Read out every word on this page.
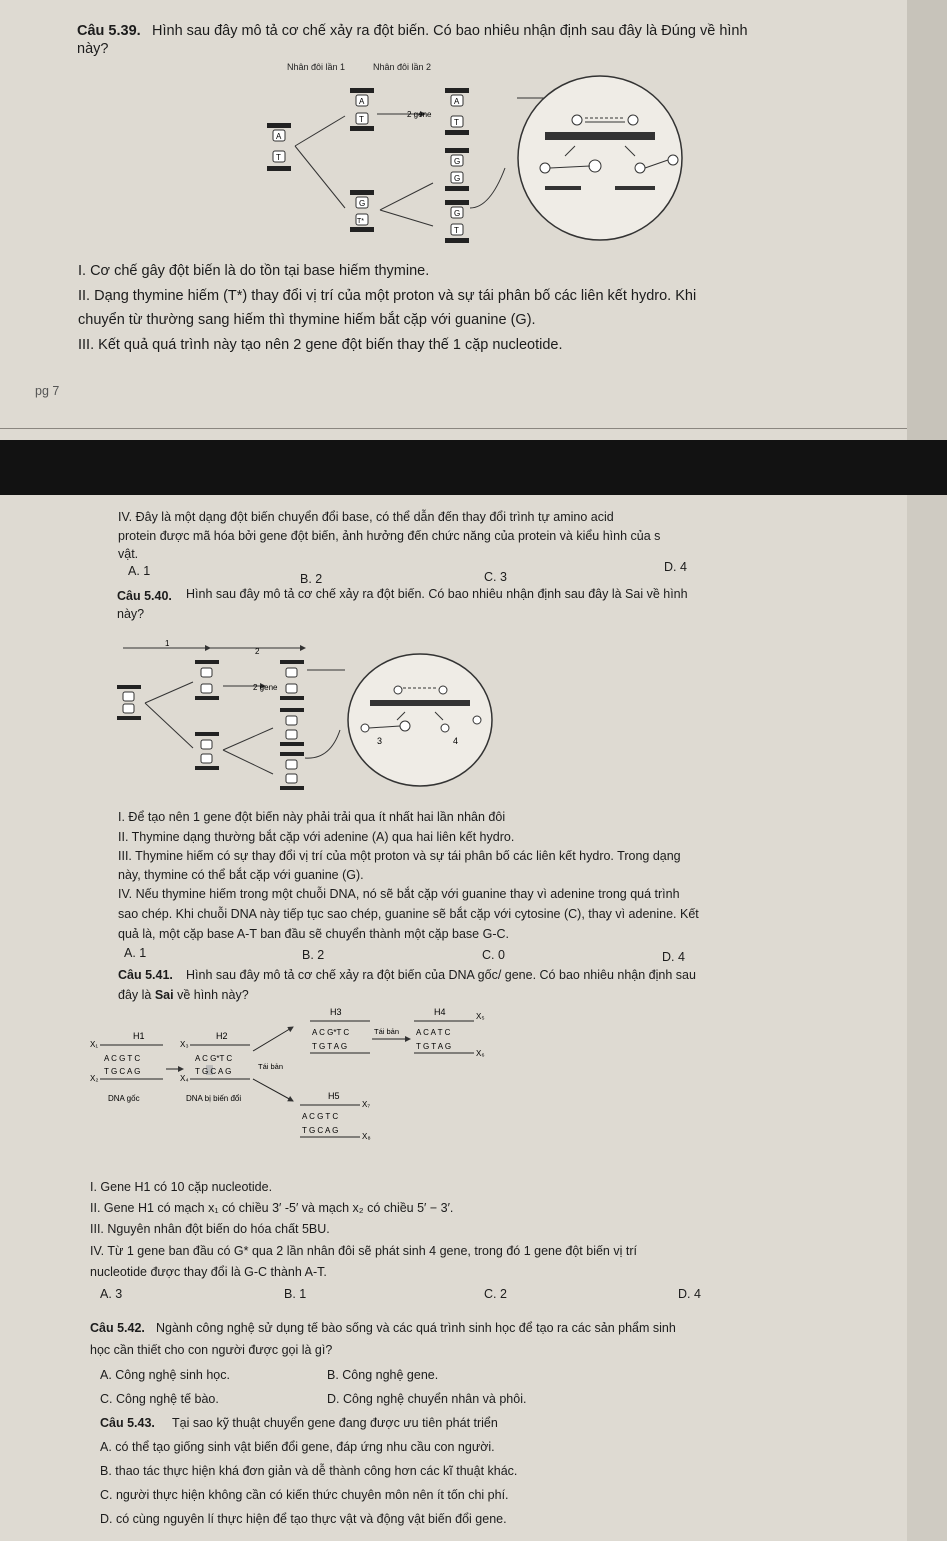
Câu 5.39. Hình sau đây mô tả cơ chế xảy ra đột biến. Có bao nhiêu nhận định sau đây là Đúng về hình
này?
Nhân đôi lần 1	Nhân đôi lần 2
A
T
A
T
2 gene
G
T*
A
T
G
G
G
T
I. Cơ chế gây đột biến là do tồn tại base hiếm thymine.
II. Dạng thymine hiếm (T*) thay đổi vị trí của một proton và sự tái phân bố các liên kết hydro. Khi
chuyển từ thường sang hiếm thì thymine hiếm bắt cặp với guanine (G).
III. Kết quả quá trình này tạo nên 2 gene đột biến thay thế 1 cặp nucleotide.
pg 7
IV. Đây là một dạng đột biến chuyển đổi base, có thể dẫn đến thay đổi trình tự amino acid
protein được mã hóa bởi gene đột biến, ảnh hưởng đến chức năng của protein và kiểu hình của s
vật.
A. 1
B. 2	C. 3
D. 4
Câu 5.40. Hình sau đây mô tả cơ chế xảy ra đột biến. Có bao nhiêu nhận định sau đây là Sai về hình
này?
1
2
2 gene
3	4
I. Để tạo nên 1 gene đột biến này phải trải qua ít nhất hai lần nhân đôi
II. Thymine dạng thường bắt cặp với adenine (A) qua hai liên kết hydro.
III. Thymine hiếm có sự thay đổi vị trí của một proton và sự tái phân bố các liên kết hydro. Trong dạng
này, thymine có thể bắt cặp với guanine (G).
IV. Nếu thymine hiếm trong một chuỗi DNA, nó sẽ bắt cặp với guanine thay vì adenine trong quá trình
sao chép. Khi chuỗi DNA này tiếp tục sao chép, guanine sẽ bắt cặp với cytosine (C), thay vì adenine. Kết
quả là, một cặp base A-T ban đầu sẽ chuyển thành một cặp base G-C.
A. 1	B. 2	C. 0	D. 4
Câu 5.41. Hình sau đây mô tả cơ chế xảy ra đột biến của DNA gốc/ gene. Có bao nhiêu nhận định sau
đây là Sai về hình này?
H1
X₁
A C G T C
T G C A G
X₂
DNA gốc
H2
X₃
A C G*T C
T G C A G
X₄
DNA bị biến đổi
Tái bản
H3
A C G*T C
T G T A G
Tái bản
H4	X₅
A C A T C
T G T A G
X₆
H5
X₇
A C G T C
T G C A G
X₈
I. Gene H1 có 10 cặp nucleotide.
II. Gene H1 có mạch x₁ có chiều 3′ -5′ và mạch x₂ có chiều 5′ − 3′.
III. Nguyên nhân đột biến do hóa chất 5BU.
IV. Từ 1 gene ban đầu có G* qua 2 lần nhân đôi sẽ phát sinh 4 gene, trong đó 1 gene đột biến vị trí
nucleotide được thay đổi là G-C thành A-T.
A. 3	B. 1	C. 2	D. 4
Câu 5.42. Ngành công nghệ sử dụng tế bào sống và các quá trình sinh học để tạo ra các sản phẩm sinh
học cần thiết cho con người được gọi là gì?
A. Công nghệ sinh học.	B. Công nghệ gene.
C. Công nghệ tế bào.	D. Công nghệ chuyển nhân và phôi.
Câu 5.43. Tại sao kỹ thuật chuyển gene đang được ưu tiên phát triển
A. có thể tạo giống sinh vật biến đổi gene, đáp ứng nhu cầu con người.
B. thao tác thực hiện khá đơn giản và dễ thành công hơn các kĩ thuật khác.
C. người thực hiện không cần có kiến thức chuyên môn nên ít tốn chi phí.
D. có cùng nguyên lí thực hiện để tạo thực vật và động vật biến đổi gene.
